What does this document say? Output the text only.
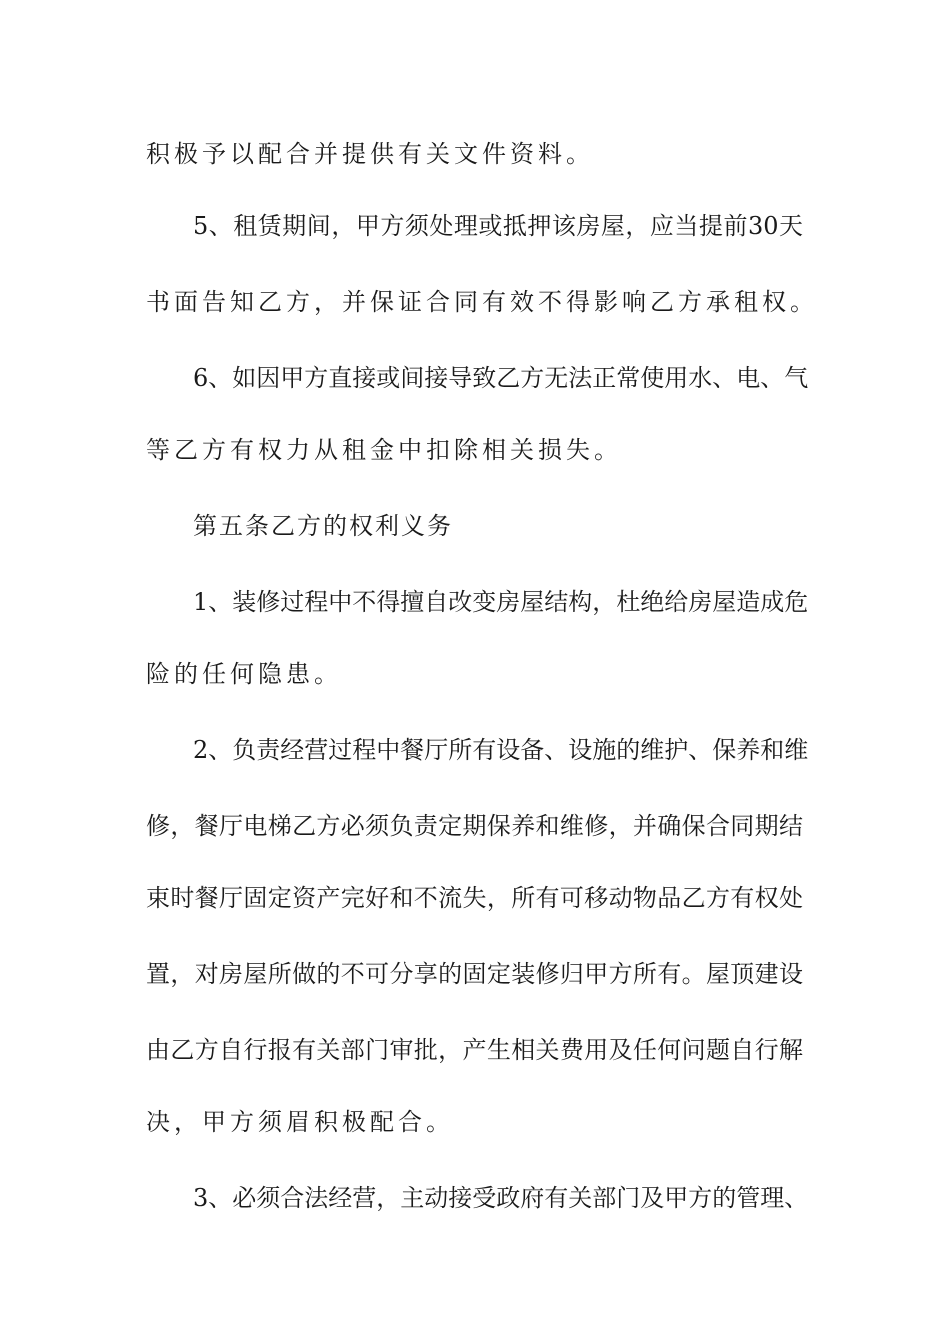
积极予以配合并提供有关文件资料。
5、租赁期间，甲方须处理或抵押该房屋，应当提前30天
书面告知乙方，并保证合同有效不得影响乙方承租权。
6、如因甲方直接或间接导致乙方无法正常使用水、电、气
等乙方有权力从租金中扣除相关损失。
第五条乙方的权利义务
1、装修过程中不得擅自改变房屋结构，杜绝给房屋造成危
险的任何隐患。
2、负责经营过程中餐厅所有设备、设施的维护、保养和维
修，餐厅电梯乙方必须负责定期保养和维修，并确保合同期结
束时餐厅固定资产完好和不流失，所有可移动物品乙方有权处
置，对房屋所做的不可分享的固定装修归甲方所有。屋顶建设
由乙方自行报有关部门审批，产生相关费用及任何问题自行解
决，甲方须眉积极配合。
3、必须合法经营，主动接受政府有关部门及甲方的管理、
